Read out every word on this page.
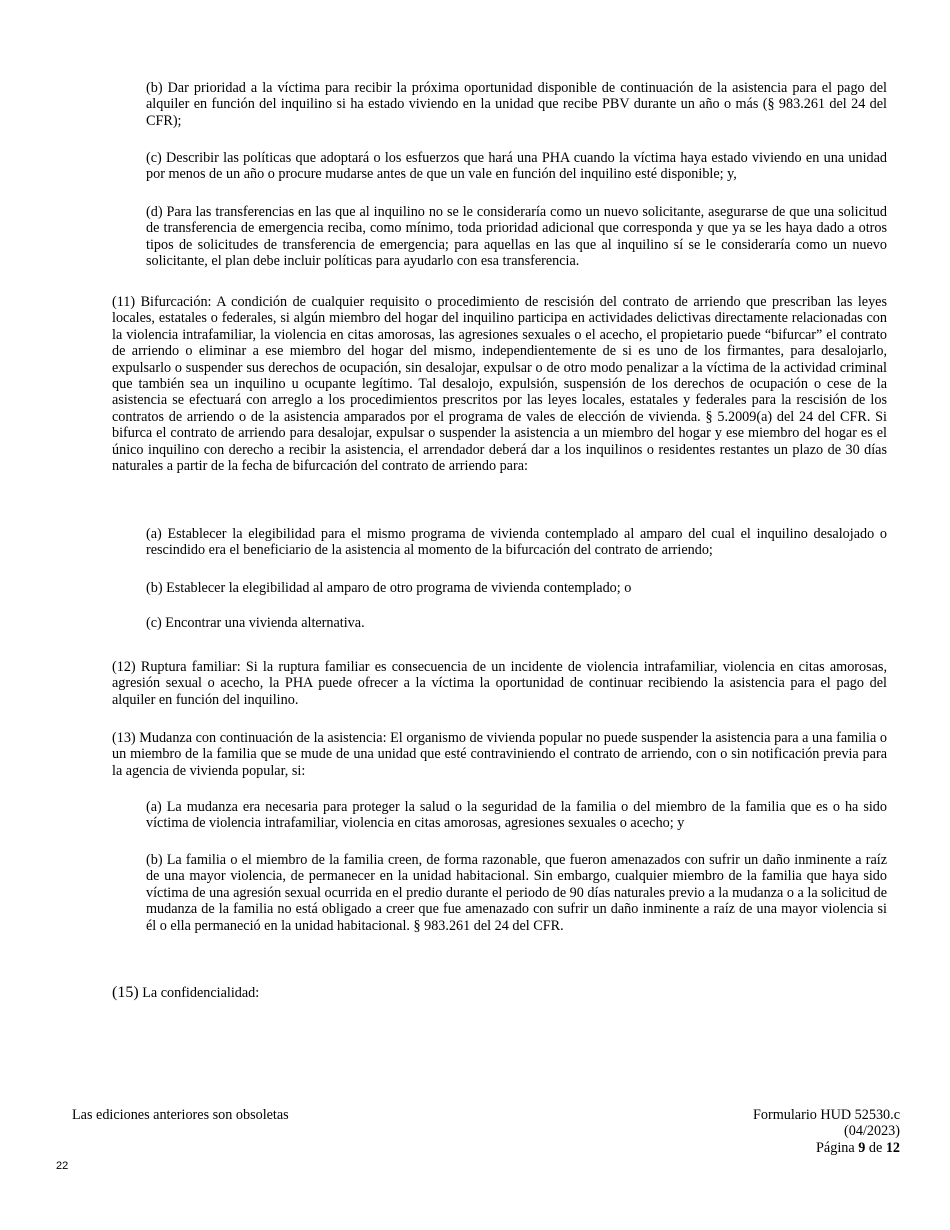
(b) Dar prioridad a la víctima para recibir la próxima oportunidad disponible de continuación de la asistencia para el pago del alquiler en función del inquilino si ha estado viviendo en la unidad que recibe PBV durante un año o más (§ 983.261 del 24 del CFR);

(c) Describir las políticas que adoptará o los esfuerzos que hará una PHA cuando la víctima haya estado viviendo en una unidad por menos de un año o procure mudarse antes de que un vale en función del inquilino esté disponible; y,

(d) Para las transferencias en las que al inquilino no se le consideraría como un nuevo solicitante, asegurarse de que una solicitud de transferencia de emergencia reciba, como mínimo, toda prioridad adicional que corresponda y que ya se les haya dado a otros tipos de solicitudes de transferencia de emergencia; para aquellas en las que al inquilino sí se le consideraría como un nuevo solicitante, el plan debe incluir políticas para ayudarlo con esa transferencia.

(11) Bifurcación: A condición de cualquier requisito o procedimiento de rescisión del contrato de arriendo que prescriban las leyes locales, estatales o federales, si algún miembro del hogar del inquilino participa en actividades delictivas directamente relacionadas con la violencia intrafamiliar, la violencia en citas amorosas, las agresiones sexuales o el acecho, el propietario puede “bifurcar” el contrato de arriendo o eliminar a ese miembro del hogar del mismo, independientemente de si es uno de los firmantes, para desalojarlo, expulsarlo o suspender sus derechos de ocupación, sin desalojar, expulsar o de otro modo penalizar a la víctima de la actividad criminal que también sea un inquilino u ocupante legítimo. Tal desalojo, expulsión, suspensión de los derechos de ocupación o cese de la asistencia se efectuará con arreglo a los procedimientos prescritos por las leyes locales, estatales y federales para la rescisión de los contratos de arriendo o de la asistencia amparados por el programa de vales de elección de vivienda. § 5.2009(a) del 24 del CFR. Si bifurca el contrato de arriendo para desalojar, expulsar o suspender la asistencia a un miembro del hogar y ese miembro del hogar es el único inquilino con derecho a recibir la asistencia, el arrendador deberá dar a los inquilinos o residentes restantes un plazo de 30 días naturales a partir de la fecha de bifurcación del contrato de arriendo para:

(a) Establecer la elegibilidad para el mismo programa de vivienda contemplado al amparo del cual el inquilino desalojado o rescindido era el beneficiario de la asistencia al momento de la bifurcación del contrato de arriendo;

(b) Establecer la elegibilidad al amparo de otro programa de vivienda contemplado; o

(c) Encontrar una vivienda alternativa.

(12) Ruptura familiar: Si la ruptura familiar es consecuencia de un incidente de violencia intrafamiliar, violencia en citas amorosas, agresión sexual o acecho, la PHA puede ofrecer a la víctima la oportunidad de continuar recibiendo la asistencia para el pago del alquiler en función del inquilino.

(13) Mudanza con continuación de la asistencia: El organismo de vivienda popular no puede suspender la asistencia para a una familia o un miembro de la familia que se mude de una unidad que esté contraviniendo el contrato de arriendo, con o sin notificación previa para la agencia de vivienda popular, si:

(a) La mudanza era necesaria para proteger la salud o la seguridad de la familia o del miembro de la familia que es o ha sido víctima de violencia intrafamiliar, violencia en citas amorosas, agresiones sexuales o acecho; y

(b) La familia o el miembro de la familia creen, de forma razonable, que fueron amenazados con sufrir un daño inminente a raíz de una mayor violencia, de permanecer en la unidad habitacional. Sin embargo, cualquier miembro de la familia que haya sido víctima de una agresión sexual ocurrida en el predio durante el periodo de 90 días naturales previo a la mudanza o a la solicitud de mudanza de la familia no está obligado a creer que fue amenazado con sufrir un daño inminente a raíz de una mayor violencia si él o ella permaneció en la unidad habitacional. § 983.261 del 24 del CFR.

(15) La confidencialidad:

Las ediciones anteriores son obsoletas	Formulario HUD 52530.c
(04/2023)
Página 9 de 12
22
